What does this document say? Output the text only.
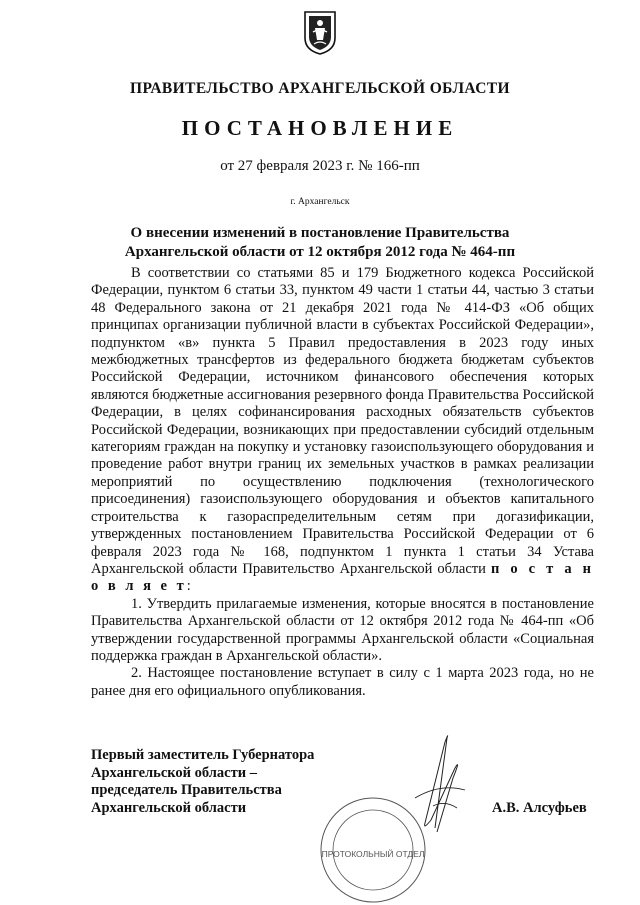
ПРАВИТЕЛЬСТВО АРХАНГЕЛЬСКОЙ ОБЛАСТИ
ПОСТАНОВЛЕНИЕ
от 27 февраля 2023 г. № 166-пп
г. Архангельск
О внесении изменений в постановление Правительства
Архангельской области от 12 октября 2012 года № 464-пп

В соответствии со статьями 85 и 179 Бюджетного кодекса Российской Федерации, пунктом 6 статьи 33, пунктом 49 части 1 статьи 44, частью 3 статьи 48 Федерального закона от 21 декабря 2021 года № 414-ФЗ «Об общих принципах организации публичной власти в субъектах Российской Федерации», подпунктом «в» пункта 5 Правил предоставления в 2023 году иных межбюджетных трансфертов из федерального бюджета бюджетам субъектов Российской Федерации, источником финансового обеспечения которых являются бюджетные ассигнования резервного фонда Правительства Российской Федерации, в целях софинансирования расходных обязательств субъектов Российской Федерации, возникающих при предоставлении субсидий отдельным категориям граждан на покупку и установку газоиспользующего оборудования и проведение работ внутри границ их земельных участков в рамках реализации мероприятий по осуществлению подключения (технологического присоединения) газоиспользующего оборудования и объектов капитального строительства к газораспределительным сетям при догазификации, утвержденных постановлением Правительства Российской Федерации от 6 февраля 2023 года № 168, подпунктом 1 пункта 1 статьи 34 Устава Архангельской области Правительство Архангельской области п о с т а н о в л я е т:

1. Утвердить прилагаемые изменения, которые вносятся в постановление Правительства Архангельской области от 12 октября 2012 года № 464-пп «Об утверждении государственной программы Архангельской области «Социальная поддержка граждан в Архангельской области».

2. Настоящее постановление вступает в силу с 1 марта 2023 года, но не ранее дня его официального опубликования.

Первый заместитель Губернатора
Архангельской области –
председатель Правительства
Архангельской области	А.В. Алсуфьев
ПРОТОКОЛЬНЫЙ ОТДЕЛ
